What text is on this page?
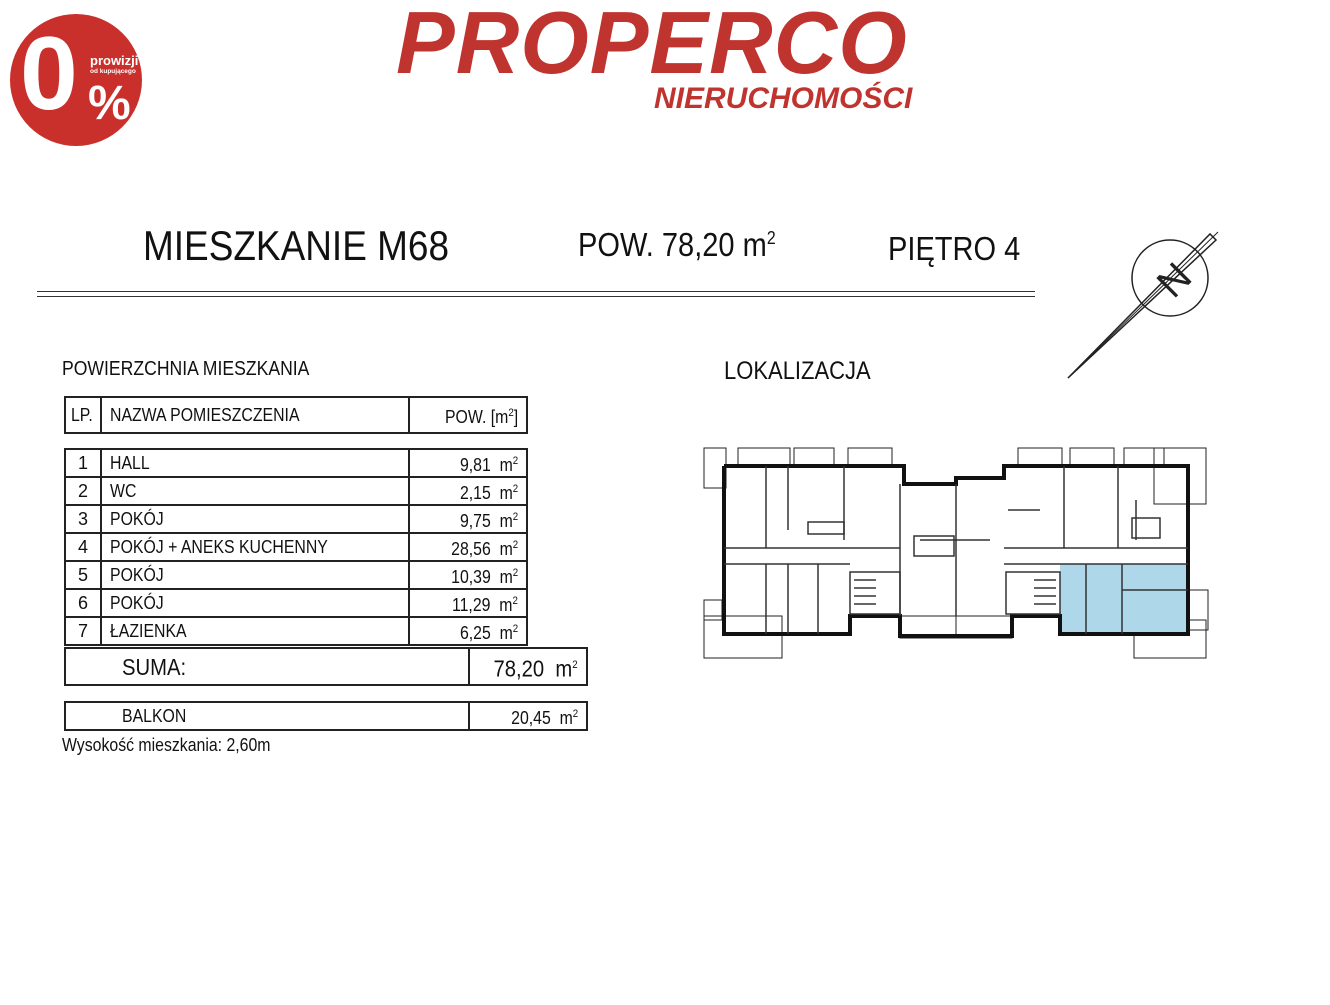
0 prowizji
od kupującego
%
PROPERCO
NIERUCHOMOŚCI
MIESZKANIE M68	POW. 78,20 $m^2$	PIĘTRO 4
N
POWIERZCHNIA MIESZKANIA	LOKALIZACJA
LP.	NAZWA POMIESZCZENIA	POW. $[m^2]$
1	HALL	9,81 $m^2$
2	WC	2,15 $m^2$
3	POKÓJ	9,75 $m^2$
4	POKÓJ + ANEKS KUCHENNY	28,56 $m^2$
5	POKÓJ	10,39 $m^2$
6	POKÓJ	11,29 $m^2$
7	ŁAZIENKA	6,25 $m^2$
SUMA:	78,20 $m^2$
BALKON	20,45 $m^2$
Wysokość mieszkania: 2,60m
